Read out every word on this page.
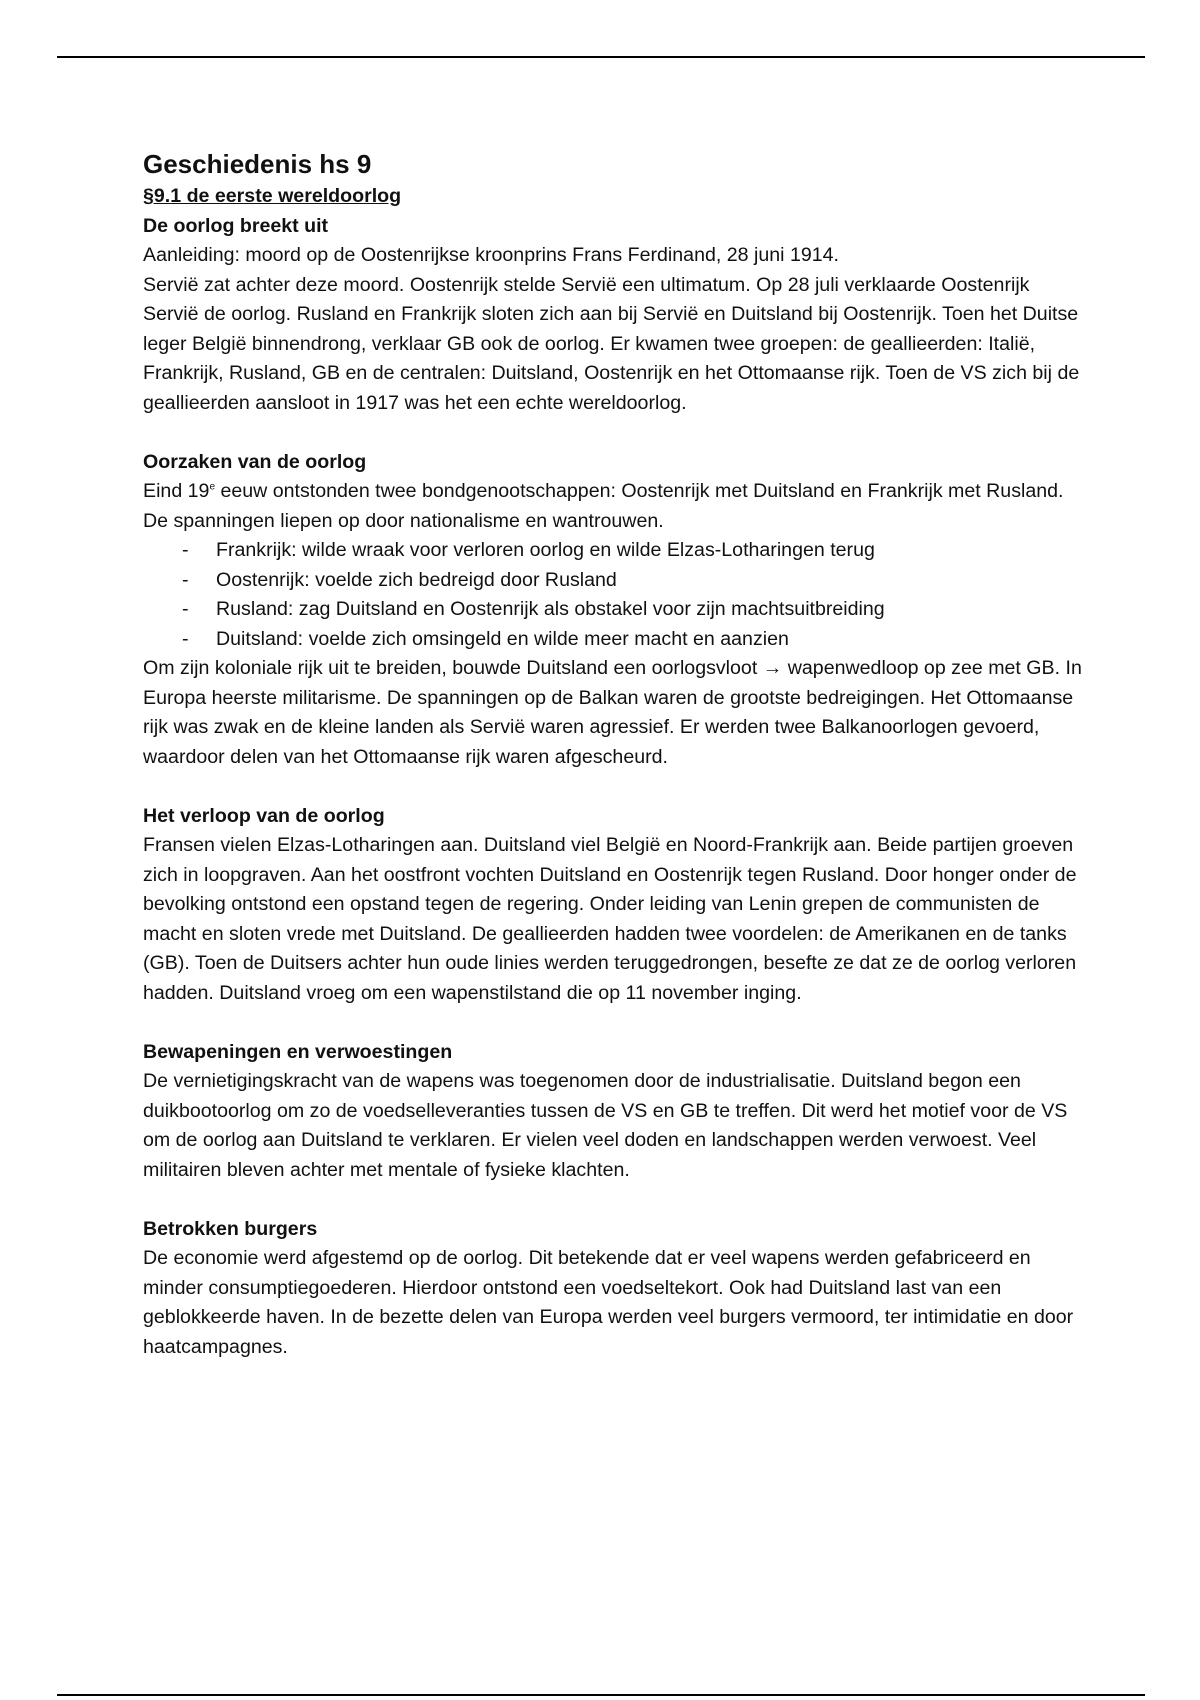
Geschiedenis hs 9

§9.1 de eerste wereldoorlog

De oorlog breekt uit

Aanleiding: moord op de Oostenrijkse kroonprins Frans Ferdinand, 28 juni 1914.

Servië zat achter deze moord. Oostenrijk stelde Servië een ultimatum. Op 28 juli verklaarde Oostenrijk Servië de oorlog. Rusland en Frankrijk sloten zich aan bij Servië en Duitsland bij Oostenrijk. Toen het Duitse leger België binnendrong, verklaar GB ook de oorlog. Er kwamen twee groepen: de geallieerden: Italië, Frankrijk, Rusland, GB en de centralen: Duitsland, Oostenrijk en het Ottomaanse rijk. Toen de VS zich bij de geallieerden aansloot in 1917 was het een echte wereldoorlog.

Oorzaken van de oorlog

Eind 19e eeuw ontstonden twee bondgenootschappen: Oostenrijk met Duitsland en Frankrijk met Rusland. De spanningen liepen op door nationalisme en wantrouwen.

- Frankrijk: wilde wraak voor verloren oorlog en wilde Elzas-Lotharingen terug
- Oostenrijk: voelde zich bedreigd door Rusland
- Rusland: zag Duitsland en Oostenrijk als obstakel voor zijn machtsuitbreiding
- Duitsland: voelde zich omsingeld en wilde meer macht en aanzien

Om zijn koloniale rijk uit te breiden, bouwde Duitsland een oorlogsvloot → wapenwedloop op zee met GB. In Europa heerste militarisme. De spanningen op de Balkan waren de grootste bedreigingen. Het Ottomaanse rijk was zwak en de kleine landen als Servië waren agressief. Er werden twee Balkanoorlogen gevoerd, waardoor delen van het Ottomaanse rijk waren afgescheurd.

Het verloop van de oorlog

Fransen vielen Elzas-Lotharingen aan. Duitsland viel België en Noord-Frankrijk aan. Beide partijen groeven zich in loopgraven. Aan het oostfront vochten Duitsland en Oostenrijk tegen Rusland. Door honger onder de bevolking ontstond een opstand tegen de regering. Onder leiding van Lenin grepen de communisten de macht en sloten vrede met Duitsland. De geallieerden hadden twee voordelen: de Amerikanen en de tanks (GB). Toen de Duitsers achter hun oude linies werden teruggedrongen, besefte ze dat ze de oorlog verloren hadden. Duitsland vroeg om een wapenstilstand die op 11 november inging.

Bewapeningen en verwoestingen

De vernietigingskracht van de wapens was toegenomen door de industrialisatie. Duitsland begon een duikbootoorlog om zo de voedselleveranties tussen de VS en GB te treffen. Dit werd het motief voor de VS om de oorlog aan Duitsland te verklaren. Er vielen veel doden en landschappen werden verwoest. Veel militairen bleven achter met mentale of fysieke klachten.

Betrokken burgers

De economie werd afgestemd op de oorlog. Dit betekende dat er veel wapens werden gefabriceerd en minder consumptiegoederen. Hierdoor ontstond een voedseltekort. Ook had Duitsland last van een geblokkeerde haven. In de bezette delen van Europa werden veel burgers vermoord, ter intimidatie en door haatcampagnes.
